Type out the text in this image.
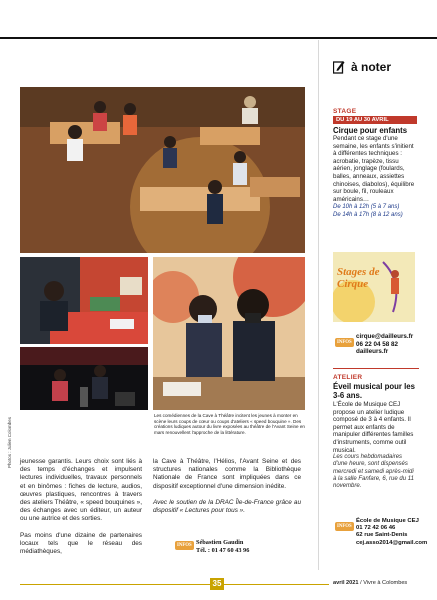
Photos : Julien Colombes
Les comédiennes de la Cave à Théâtre incitent les jeunes à monter en scène leurs coups de cœur ou coups d'ateliers « speed bouquine ». Des créations ludiques autour du livre exposées au théâtre de l'Avant Seine en mars renouvellent l'approche de la littérature.

jeunesse garantis. Leurs choix sont liés à des temps d'échanges et impulsent lectures individuelles, travaux personnels et en binômes : fiches de lecture, audios, œuvres plastiques, rencontres à travers des ateliers Théâtre, « speed bouquines », des échanges avec un éditeur, un auteur ou une autrice et des sorties.

Pas moins d'une dizaine de partenaires locaux tels que le réseau des médiathèques,

la Cave à Théâtre, l'Hélios, l'Avant Seine et des structures nationales comme la Bibliothèque Nationale de France sont impliquées dans ce dispositif exceptionnel d'une dimension inédite.

Avec le soutien de la DRAC Île-de-France grâce au dispositif « Lectures pour tous ».

INFOS Sébastien Gaudin
Tél. : 01 47 60 43 96
à noter
STAGE
DU 19 AU 30 AVRIL
Cirque pour enfants
Pendant ce stage d'une semaine, les enfants s'initient à différentes techniques : acrobatie, trapèze, tissu aérien, jonglage (foulards, balles, anneaux, assiettes chinoises, diabolos), équilibre sur boule, fil, rouleaux américains…
De 10h à 12h (5 à 7 ans)
De 14h à 17h (8 à 12 ans)
Stages de Cirque
INFOS
cirque@dailleurs.fr
06 22 04 58 82
dailleurs.fr
ATELIER
Éveil musical pour les 3-6 ans.
L'École de Musique CEJ propose un atelier ludique composé de 3 à 4 enfants. Il permet aux enfants de manipuler différentes familles d'instruments, comme outil musical.
Les cours hebdomadaires d'une heure, sont dispensés mercredi et samedi après-midi à la salle Fanfare, 6, rue du 11 novembre.
INFOS
École de Musique CEJ
01 72 42 06 46
62 rue Saint-Denis
cej.asso2014@gmail.com
35	avril 2021 / Vivre à Colombes
